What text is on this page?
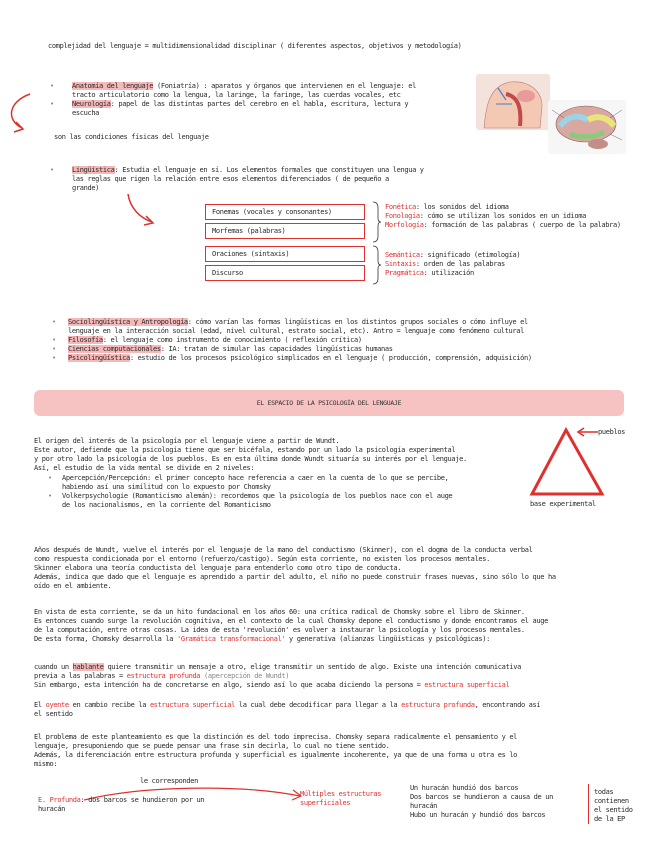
complejidad del lenguaje = multidimensionalidad disciplinar ( diferentes aspectos, objetivos y metodología)
Anatomía del lenguaje (Foniatría) : aparatos y órganos que intervienen en el lenguaje: el
tracto articulatorio como la lengua, la laringe, la faringe, las cuerdas vocales, etc
Neurología: papel de las distintas partes del cerebro en el habla, escritura, lectura y
escucha
•
•
son las condiciones físicas del lenguaje
•	Lingüística: Estudia el lenguaje en sí. Los elementos formales que constituyen una lengua y
las reglas que rigen la relación entre esos elementos diferenciados ( de pequeño a
grande)
Fonemas (vocales y consonantes)
Morfemas (palabras)
Oraciones (sintaxis)
Discurso
Fonética: los sonidos del idioma
Fonología: cómo se utilizan los sonidos en un idioma
Morfología: formación de las palabras ( cuerpo de la palabra)
Semántica: significado (etimología)
Sintaxis: orden de las palabras
Pragmática: utilización
Sociolingüística y Antropología: cómo varían las formas lingüísticas en los distintos grupos sociales o cómo influye el
lenguaje en la interacción social (edad, nivel cultural, estrato social, etc). Antro = lenguaje como fenómeno cultural
Filosofía: el lenguaje como instrumento de conocimiento ( reflexión crítica)
Ciencias computacionales: IA: tratan de simular las capacidades lingüísticas humanas
Psicolingüística: estudio de los procesos psicológico simplicados en el lenguaje ( producción, comprensión, adquisición)
•
•
•
•
EL ESPACIO DE LA PSICOLOGÍA DEL LENGUAJE
El origen del interés de la psicología por el lenguaje viene a partir de Wundt.
Este autor, defiende que la psicología tiene que ser bicéfala, estando por un lado la psicología experimental
y por otro lado la psicología de los pueblos. Es en esta última donde Wundt situaría su interés por el lenguaje.
Así, el estudio de la vida mental se divide en 2 niveles:
Apercepción/Percepción: el primer concepto hace referencia a caer en la cuenta de lo que se percibe,
habiendo así una similitud con lo expuesto por Chomsky
Volkerpsychologie (Romanticismo alemán): recordemos que la psicología de los pueblos nace con el auge
de los nacionalismos, en la corriente del Romanticismo
•
•
pueblos
base experimental
Años después de Wundt, vuelve el interés por el lenguaje de la mano del conductismo (Skinner), con el dogma de la conducta verbal
como respuesta condicionada por el entorno (refuerzo/castigo). Según esta corriente, no existen los procesos mentales.
Skinner elabora una teoría conductista del lenguaje para entenderlo como otro tipo de conducta.
Además, indica que dado que el lenguaje es aprendido a partir del adulto, el niño no puede construir frases nuevas, sino sólo lo que ha
oído en el ambiente.
En vista de esta corriente, se da un hito fundacional en los años 60: una crítica radical de Chomsky sobre el libro de Skinner.
Es entonces cuando surge la revolución cognitiva, en el contexto de la cual Chomsky depone el conductismo y donde encontramos el auge
de la computación, entre otras cosas. La idea de esta 'revolución' es volver a instaurar la psicología y los procesos mentales.
De esta forma, Chomsky desarrolla la 'Gramática transformacional' y generativa (alianzas lingüísticas y psicológicas):
cuando un hablante quiere transmitir un mensaje a otro, elige transmitir un sentido de algo. Existe una intención comunicativa
previa a las palabras = estructura profunda (apercepción de Wundt)
Sin embargo, esta intención ha de concretarse en algo, siendo así lo que acaba diciendo la persona = estructura superficial
El oyente en cambio recibe la estructura superficial la cual debe decodificar para llegar a la estructura profunda, encontrando así
el sentido
El problema de este planteamiento es que la distinción es del todo imprecisa. Chomsky separa radicalmente el pensamiento y el
lenguaje, presuponiendo que se puede pensar una frase sin decirla, lo cual no tiene sentido.
Además, la diferenciación entre estructura profunda y superficial es igualmente incoherente, ya que de una forma u otra es lo
mismo:
le corresponden
E. Profunda: dos barcos se hundieron por un
huracán
Múltiples estructuras
superficiales
Un huracán hundió dos barcos
Dos barcos se hundieron a causa de un
huracán
Hubo un huracán y hundió dos barcos
todas
contienen
el sentido
de la EP
